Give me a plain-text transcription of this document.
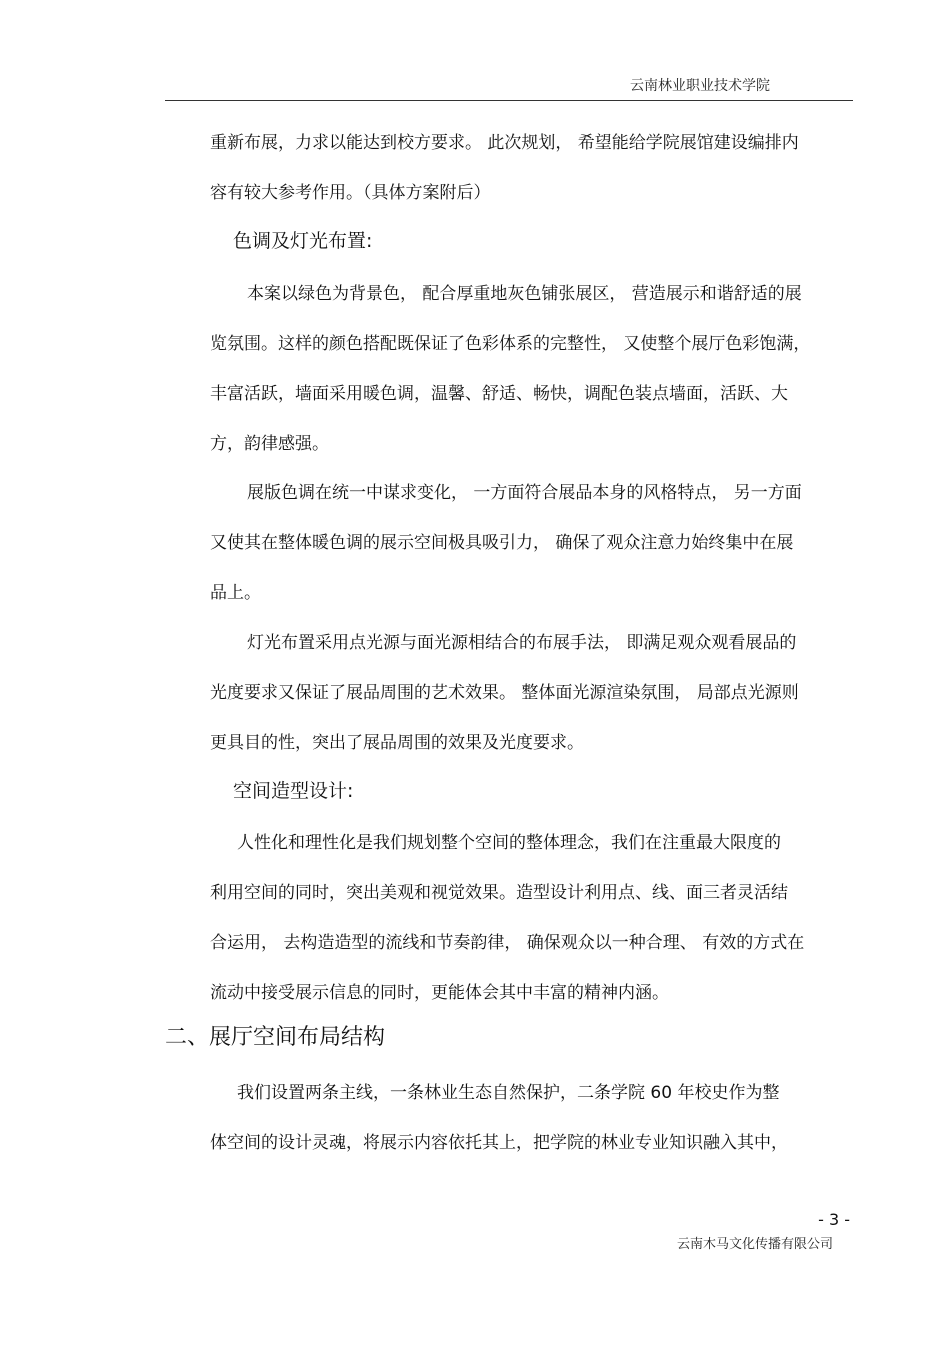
云南林业职业技术学院
重新布展，力求以能达到校方要求。 此次规划， 希望能给学院展馆建设编排内
容有较大参考作用。（具体方案附后）
色调及灯光布置:
本案以绿色为背景色， 配合厚重地灰色铺张展区， 营造展示和谐舒适的展
览氛围。这样的颜色搭配既保证了色彩体系的完整性， 又使整个展厅色彩饱满，
丰富活跃，墙面采用暖色调，温馨、舒适、畅快，调配色装点墙面，活跃、大
方，韵律感强。
展版色调在统一中谋求变化， 一方面符合展品本身的风格特点， 另一方面
又使其在整体暖色调的展示空间极具吸引力， 确保了观众注意力始终集中在展
品上。
灯光布置采用点光源与面光源相结合的布展手法， 即满足观众观看展品的
光度要求又保证了展品周围的艺术效果。 整体面光源渲染氛围， 局部点光源则
更具目的性，突出了展品周围的效果及光度要求。
空间造型设计:
人性化和理性化是我们规划整个空间的整体理念，我们在注重最大限度的
利用空间的同时，突出美观和视觉效果。造型设计利用点、线、面三者灵活结
合运用， 去构造造型的流线和节奏韵律， 确保观众以一种合理、 有效的方式在
流动中接受展示信息的同时，更能体会其中丰富的精神内涵。
二、展厅空间布局结构
我们设置两条主线，一条林业生态自然保护，二条学院 60 年校史作为整
体空间的设计灵魂，将展示内容依托其上，把学院的林业专业知识融入其中，
- 3 -
云南木马文化传播有限公司
